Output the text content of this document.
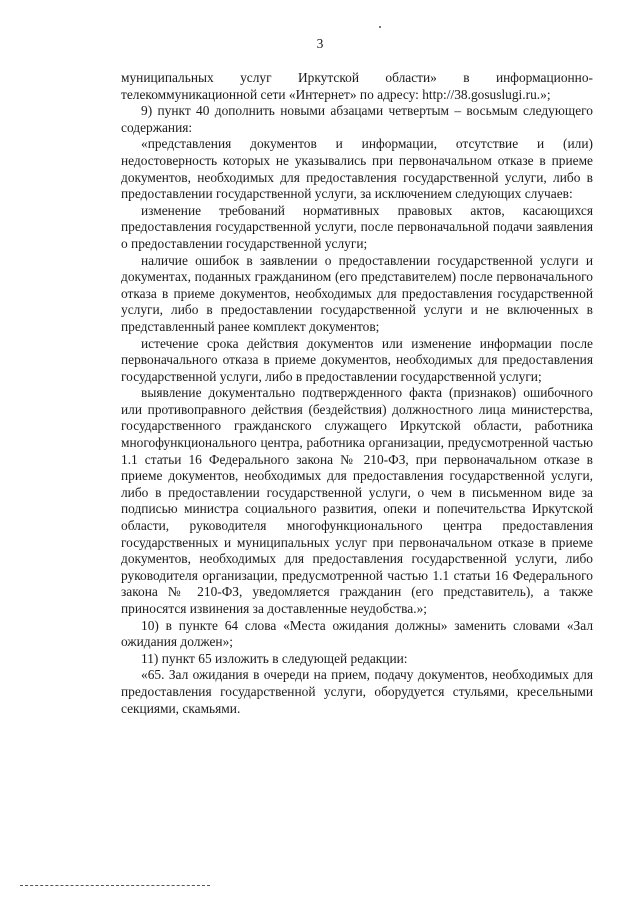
3

муниципальных услуг Иркутской области» в информационно-телекоммуникационной сети «Интернет» по адресу: http://38.gosuslugi.ru.»;

9) пункт 40 дополнить новыми абзацами четвертым – восьмым следующего содержания:

«представления документов и информации, отсутствие и (или) недостоверность которых не указывались при первоначальном отказе в приеме документов, необходимых для предоставления государственной услуги, либо в предоставлении государственной услуги, за исключением следующих случаев:

изменение требований нормативных правовых актов, касающихся предоставления государственной услуги, после первоначальной подачи заявления о предоставлении государственной услуги;

наличие ошибок в заявлении о предоставлении государственной услуги и документах, поданных гражданином (его представителем) после первоначального отказа в приеме документов, необходимых для предоставления государственной услуги, либо в предоставлении государственной услуги и не включенных в представленный ранее комплект документов;

истечение срока действия документов или изменение информации после первоначального отказа в приеме документов, необходимых для предоставления государственной услуги, либо в предоставлении государственной услуги;

выявление документально подтвержденного факта (признаков) ошибочного или противоправного действия (бездействия) должностного лица министерства, государственного гражданского служащего Иркутской области, работника многофункционального центра, работника организации, предусмотренной частью 1.1 статьи 16 Федерального закона № 210-ФЗ, при первоначальном отказе в приеме документов, необходимых для предоставления государственной услуги, либо в предоставлении государственной услуги, о чем в письменном виде за подписью министра социального развития, опеки и попечительства Иркутской области, руководителя многофункционального центра предоставления государственных и муниципальных услуг при первоначальном отказе в приеме документов, необходимых для предоставления государственной услуги, либо руководителя организации, предусмотренной частью 1.1 статьи 16 Федерального закона № 210-ФЗ, уведомляется гражданин (его представитель), а также приносятся извинения за доставленные неудобства.»;

10) в пункте 64 слова «Места ожидания должны» заменить словами «Зал ожидания должен»;

11) пункт 65 изложить в следующей редакции:

«65. Зал ожидания в очереди на прием, подачу документов, необходимых для предоставления государственной услуги, оборудуется стульями, кресельными секциями, скамьями.
